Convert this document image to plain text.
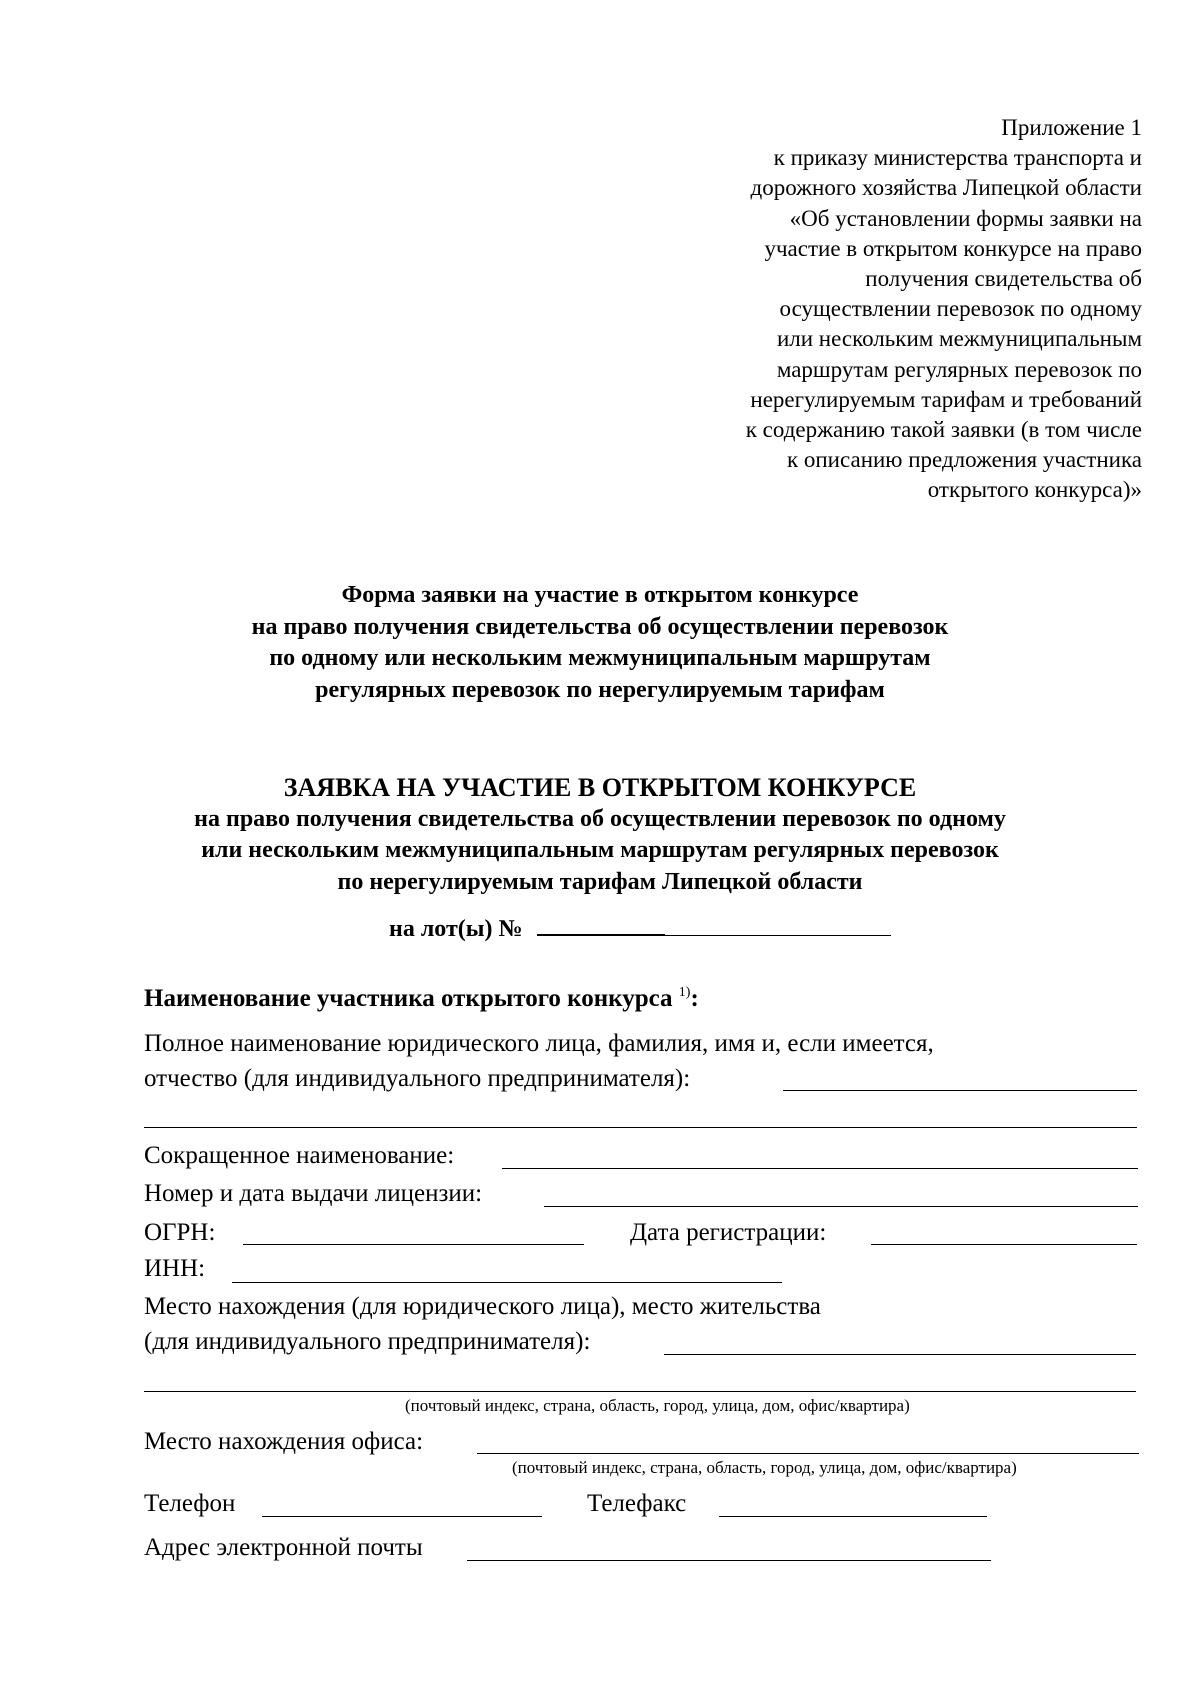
Приложение 1
к приказу министерства транспорта и
дорожного хозяйства Липецкой области
«Об установлении формы заявки на
участие в открытом конкурсе на право
получения свидетельства об
осуществлении перевозок по одному
или нескольким межмуниципальным
маршрутам регулярных перевозок по
нерегулируемым тарифам и требований
к содержанию такой заявки (в том числе
к описанию предложения участника
открытого конкурса)»
Форма заявки на участие в открытом конкурсе
на право получения свидетельства об осуществлении перевозок
по одному или нескольким межмуниципальным маршрутам
регулярных перевозок по нерегулируемым тарифам
ЗАЯВКА НА УЧАСТИЕ В ОТКРЫТОМ КОНКУРСЕ
на право получения свидетельства об осуществлении перевозок по одному
или нескольким межмуниципальным маршрутам регулярных перевозок
по нерегулируемым тарифам Липецкой области
на лот(ы) №
Наименование участника открытого конкурса $^{1)}$:
Полное наименование юридического лица, фамилия, имя и, если имеется,
отчество (для индивидуального предпринимателя):
Сокращенное наименование:
Номер и дата выдачи лицензии:
ОГРН:	Дата регистрации:
ИНН:
Место нахождения (для юридического лица), место жительства
(для индивидуального предпринимателя):
(почтовый индекс, страна, область, город, улица, дом, офис/квартира)
Место нахождения офиса:
(почтовый индекс, страна, область, город, улица, дом, офис/квартира)
Телефон	Телефакс
Адрес электронной почты
